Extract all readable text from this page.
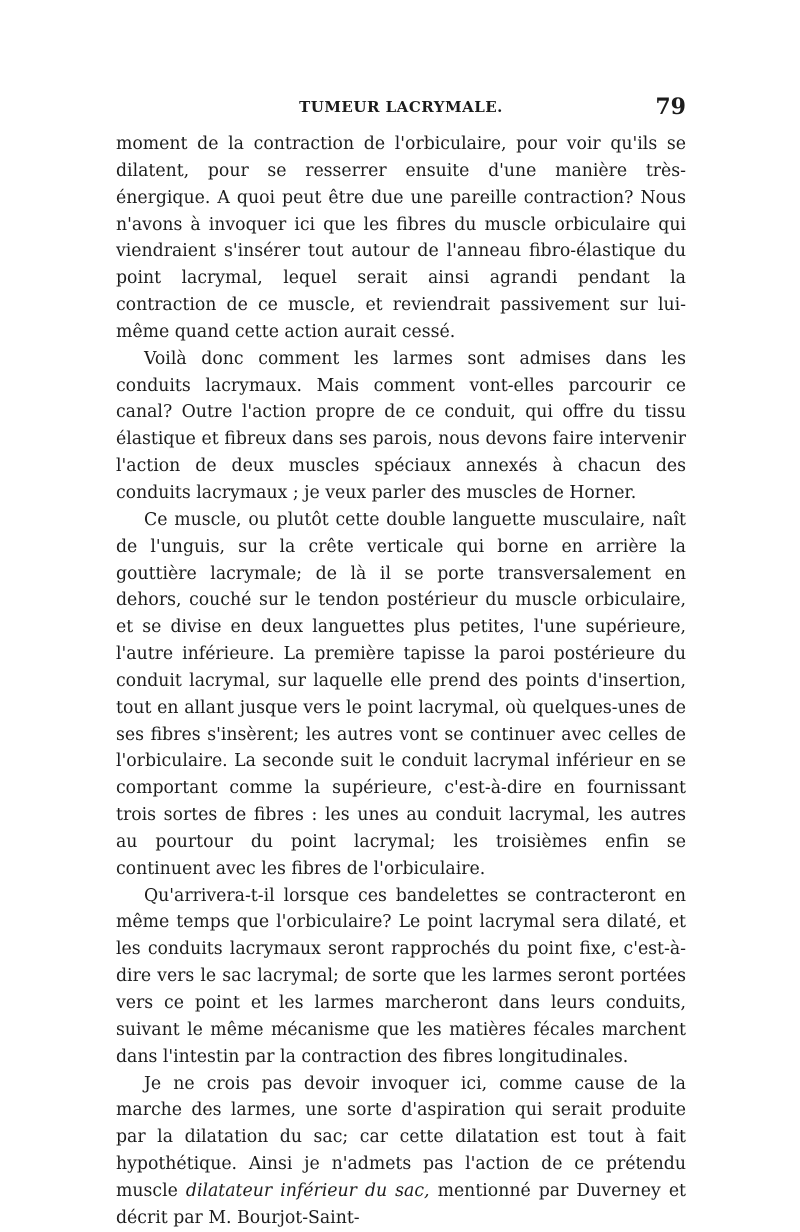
TUMEUR LACRYMALE.	79

moment de la contraction de l'orbiculaire, pour voir qu'ils se dilatent, pour se resserrer ensuite d'une manière très-énergique. A quoi peut être due une pareille contraction? Nous n'avons à invoquer ici que les fibres du muscle orbiculaire qui viendraient s'insérer tout autour de l'anneau fibro-élastique du point lacrymal, lequel serait ainsi agrandi pendant la contraction de ce muscle, et reviendrait passivement sur lui-même quand cette action aurait cessé.

Voilà donc comment les larmes sont admises dans les conduits lacrymaux. Mais comment vont-elles parcourir ce canal? Outre l'action propre de ce conduit, qui offre du tissu élastique et fibreux dans ses parois, nous devons faire intervenir l'action de deux muscles spéciaux annexés à chacun des conduits lacrymaux ; je veux parler des muscles de Horner.

Ce muscle, ou plutôt cette double languette musculaire, naît de l'unguis, sur la crête verticale qui borne en arrière la gouttière lacrymale; de là il se porte transversalement en dehors, couché sur le tendon postérieur du muscle orbiculaire, et se divise en deux languettes plus petites, l'une supérieure, l'autre inférieure. La première tapisse la paroi postérieure du conduit lacrymal, sur laquelle elle prend des points d'insertion, tout en allant jusque vers le point lacrymal, où quelques-unes de ses fibres s'insèrent; les autres vont se continuer avec celles de l'orbiculaire. La seconde suit le conduit lacrymal inférieur en se comportant comme la supérieure, c'est-à-dire en fournissant trois sortes de fibres : les unes au conduit lacrymal, les autres au pourtour du point lacrymal; les troisièmes enfin se continuent avec les fibres de l'orbiculaire.

Qu'arrivera-t-il lorsque ces bandelettes se contracteront en même temps que l'orbiculaire? Le point lacrymal sera dilaté, et les conduits lacrymaux seront rapprochés du point fixe, c'est-à-dire vers le sac lacrymal; de sorte que les larmes seront portées vers ce point et les larmes marcheront dans leurs conduits, suivant le même mécanisme que les matières fécales marchent dans l'intestin par la contraction des fibres longitudinales.

Je ne crois pas devoir invoquer ici, comme cause de la marche des larmes, une sorte d'aspiration qui serait produite par la dilatation du sac; car cette dilatation est tout à fait hypothétique. Ainsi je n'admets pas l'action de ce prétendu muscle dilatateur inférieur du sac, mentionné par Duverney et décrit par M. Bourjot-Saint-
